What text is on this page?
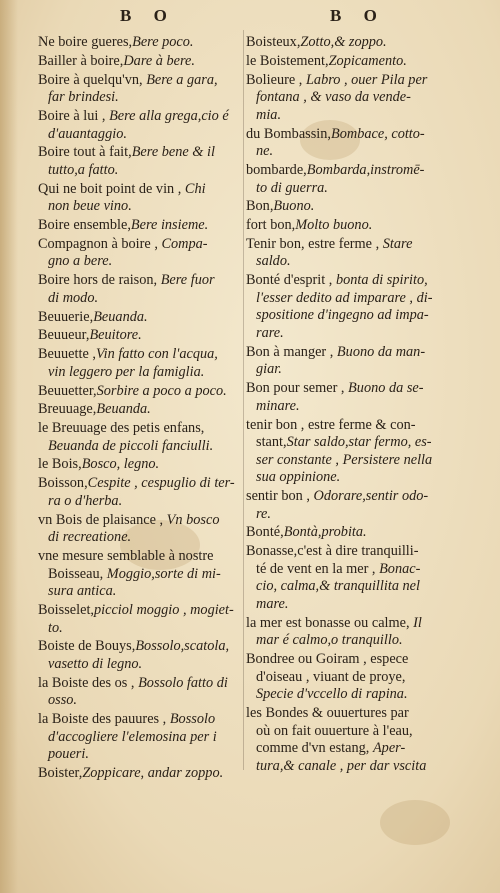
B O	B O
Ne boire gueres,Bere poco.
Bailler à boire,Dare à bere.
Boire à quelqu'vn, Bere a gara,
far brindesi.
Boire à lui , Bere alla grega,cio é
d'auantaggio.
Boire tout à fait,Bere bene & il
tutto,a fatto.
Qui ne boit point de vin , Chi
non beue vino.
Boire ensemble,Bere insieme.
Compagnon à boire , Compa-
gno a bere.
Boire hors de raison, Bere fuor
di modo.
Beuuerie,Beuanda.
Beuueur,Beuitore.
Beuuette ,Vin fatto con l'acqua,
vin leggero per la famiglia.
Beuuetter,Sorbire a poco a poco.
Breuuage,Beuanda.
le Breuuage des petis enfans,
Beuanda de piccoli fanciulli.
le Bois,Bosco, legno.
Boisson,Cespite , cespuglio di ter-
ra o d'herba.
vn Bois de plaisance , Vn bosco
di recreatione.
vne mesure semblable à nostre
Boisseau, Moggio,sorte di mi-
sura antica.
Boisselet,picciol moggio , mogiet-
to.
Boiste de Bouys,Bossolo,scatola,
vasetto di legno.
la Boiste des os , Bossolo fatto di
osso.
la Boiste des pauures , Bossolo
d'accogliere l'elemosina per i
poueri.
Boister,Zoppicare, andar zoppo.
Boisteux,Zotto,& zoppo.
le Boistement,Zopicamento.
Bolieure , Labro , ouer Pila per
fontana , & vaso da vende-
mia.
du Bombassin,Bombace, cotto-
ne.
bombarde,Bombarda,instromē-
to di guerra.
Bon,Buono.
fort bon,Molto buono.
Tenir bon, estre ferme , Stare
saldo.
Bonté d'esprit , bonta di spirito,
l'esser dedito ad imparare , di-
spositione d'ingegno ad impa-
rare.
Bon à manger , Buono da man-
giar.
Bon pour semer , Buono da se-
minare.
tenir bon , estre ferme & con-
stant,Star saldo,star fermo, es-
ser constante , Persistere nella
sua oppinione.
sentir bon , Odorare,sentir odo-
re.
Bonté,Bontà,probita.
Bonasse,c'est à dire tranquilli-
té de vent en la mer , Bonac-
cio, calma,& tranquillita nel
mare.
la mer est bonasse ou calme, Il
mar é calmo,o tranquillo.
Bondree ou Goiram , espece
d'oiseau , viuant de proye,
Specie d'vccello di rapina.
les Bondes & ouuertures par
où on fait ouuerture à l'eau,
comme d'vn estang, Aper-
tura,& canale , per dar vscita
